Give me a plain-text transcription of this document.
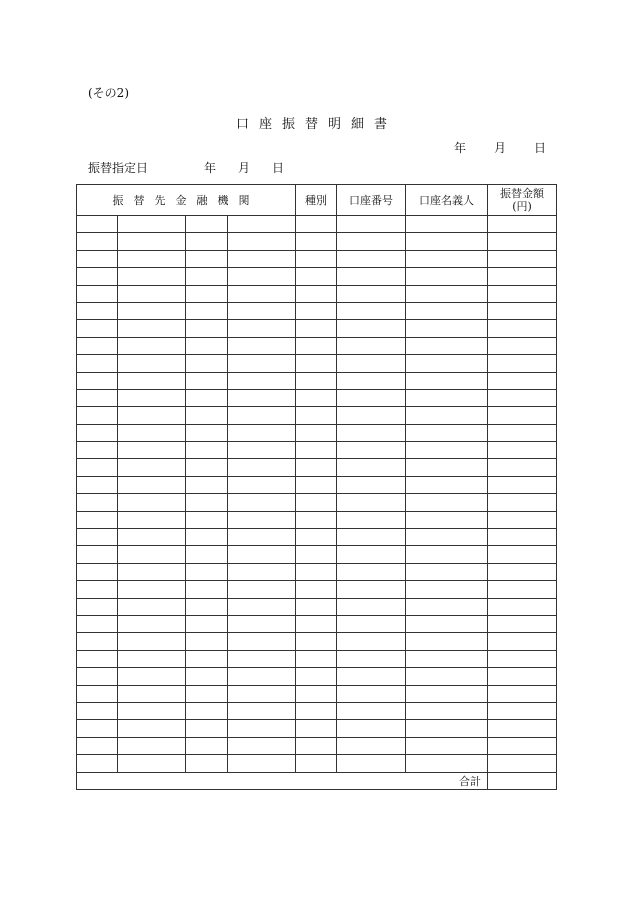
(その2)
口座振替明細書
年 月 日
振替指定日	年 月 日
振替先金融機関				種別	口座番号	口座名義人	振替金額
(円)

合計							
